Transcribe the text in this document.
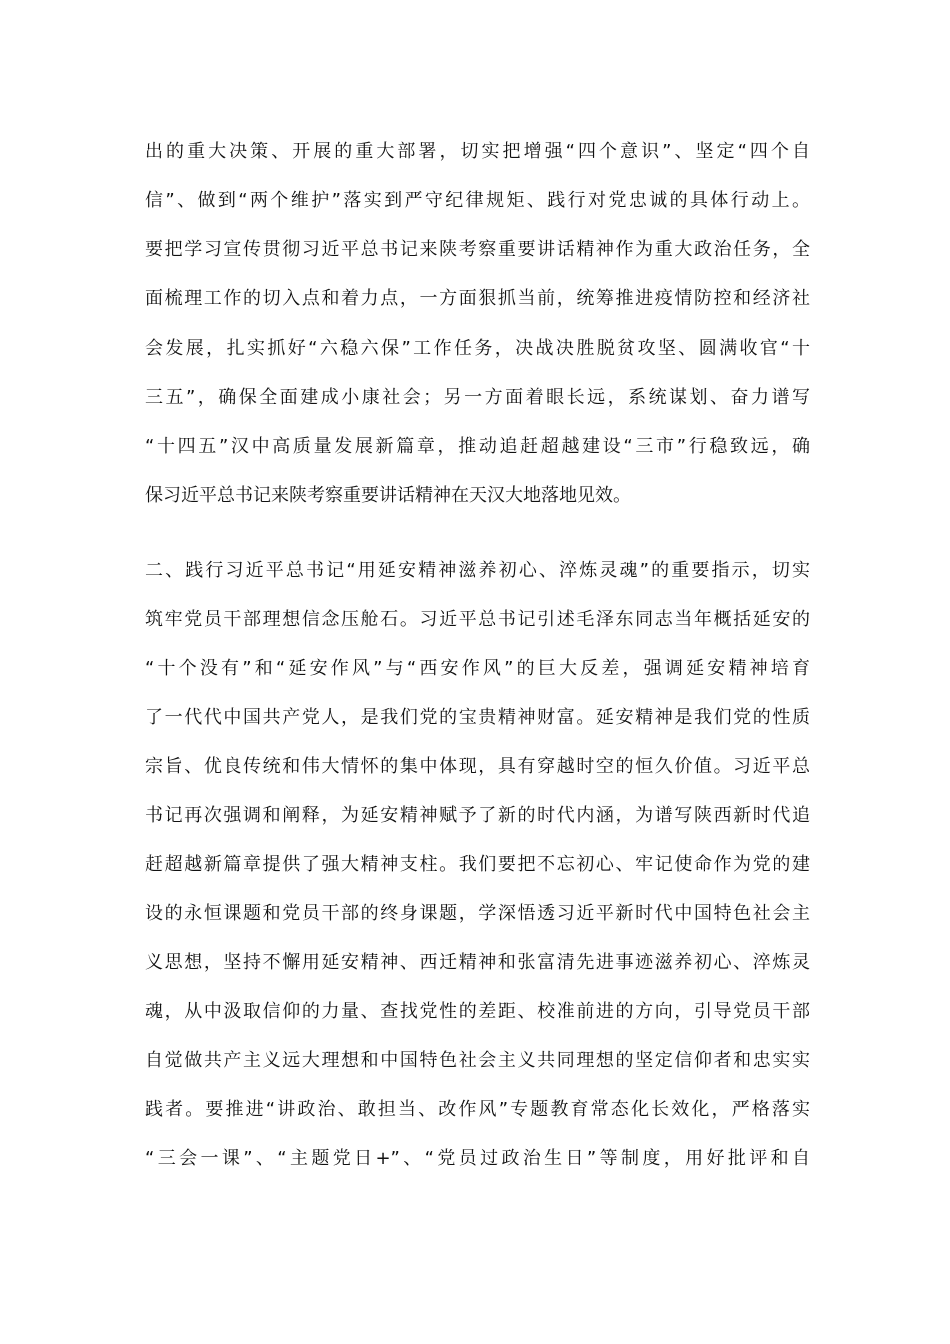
出的重大决策、开展的重大部署，切实把增强“四个意识”、坚定“四个自
信”、做到“两个维护”落实到严守纪律规矩、践行对党忠诚的具体行动上。
要把学习宣传贯彻习近平总书记来陕考察重要讲话精神作为重大政治任务，全
面梳理工作的切入点和着力点，一方面狠抓当前，统筹推进疫情防控和经济社
会发展，扎实抓好“六稳六保”工作任务，决战决胜脱贫攻坚、圆满收官“十
三五”，确保全面建成小康社会；另一方面着眼长远，系统谋划、奋力谱写
“十四五”汉中高质量发展新篇章，推动追赶超越建设“三市”行稳致远，确
保习近平总书记来陕考察重要讲话精神在天汉大地落地见效。
二、践行习近平总书记“用延安精神滋养初心、淬炼灵魂”的重要指示，切实
筑牢党员干部理想信念压舱石。习近平总书记引述毛泽东同志当年概括延安的
“十个没有”和“延安作风”与“西安作风”的巨大反差，强调延安精神培育
了一代代中国共产党人，是我们党的宝贵精神财富。延安精神是我们党的性质
宗旨、优良传统和伟大情怀的集中体现，具有穿越时空的恒久价值。习近平总
书记再次强调和阐释，为延安精神赋予了新的时代内涵，为谱写陕西新时代追
赶超越新篇章提供了强大精神支柱。我们要把不忘初心、牢记使命作为党的建
设的永恒课题和党员干部的终身课题，学深悟透习近平新时代中国特色社会主
义思想，坚持不懈用延安精神、西迁精神和张富清先进事迹滋养初心、淬炼灵
魂，从中汲取信仰的力量、查找党性的差距、校准前进的方向，引导党员干部
自觉做共产主义远大理想和中国特色社会主义共同理想的坚定信仰者和忠实实
践者。要推进“讲政治、敢担当、改作风”专题教育常态化长效化，严格落实
“三会一课”、“主题党日+”、“党员过政治生日”等制度，用好批评和自
